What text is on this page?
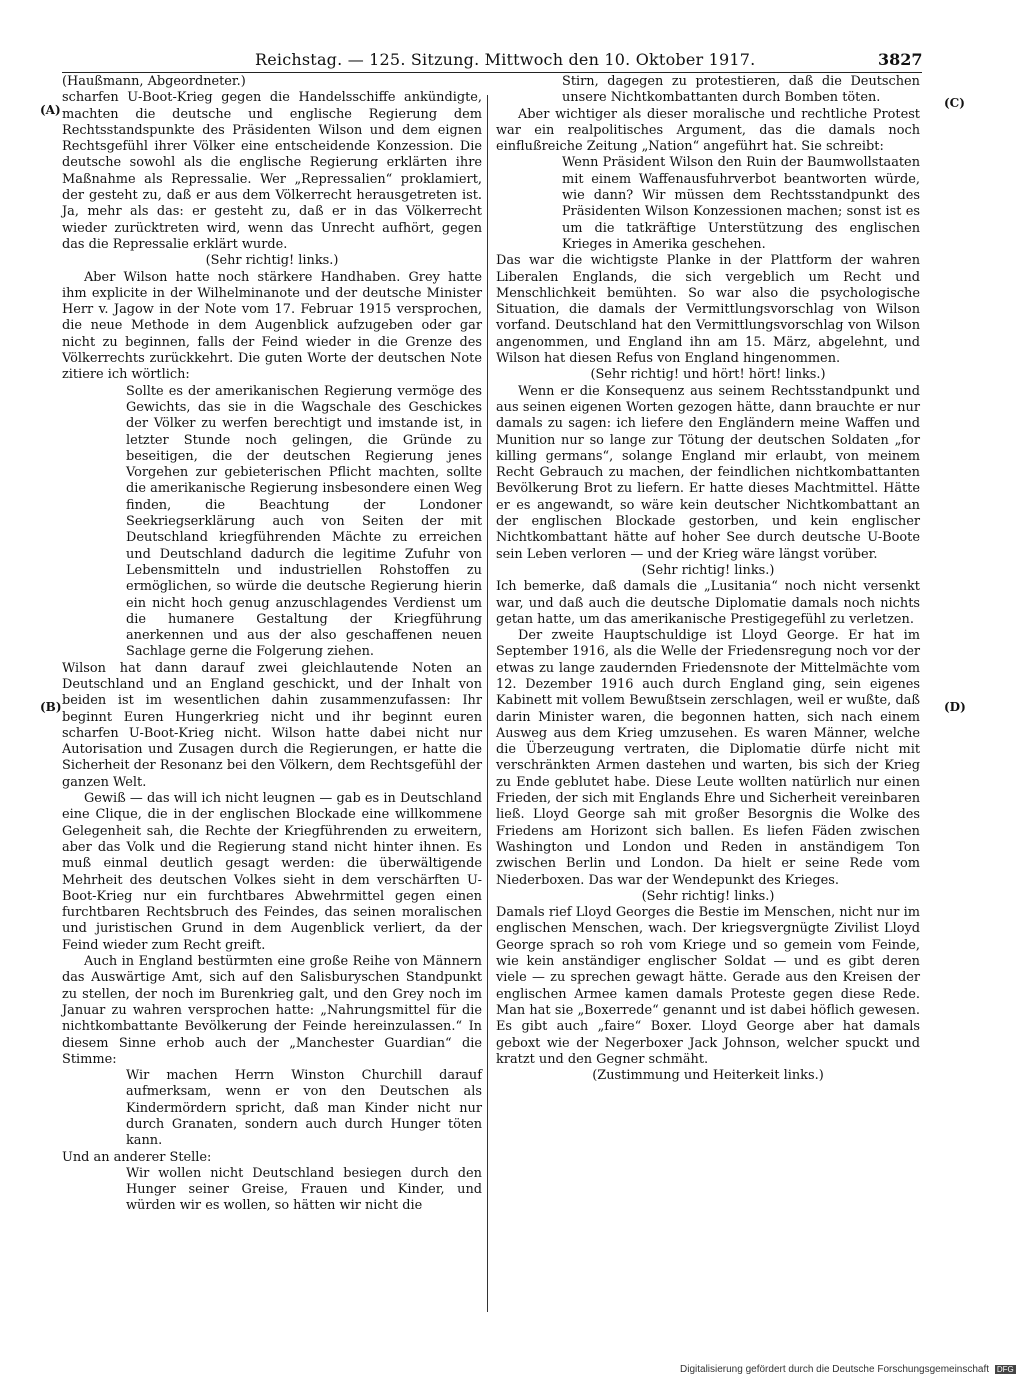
Reichstag. — 125. Sitzung. Mittwoch den 10. Oktober 1917.	3827
(A)
(B)
(C)
(D)

(Haußmann, Abgeordneter.)

scharfen U-Boot-Krieg gegen die Handelsschiffe ankündigte, machten die deutsche und englische Regierung dem Rechtsstandspunkte des Präsidenten Wilson und dem eignen Rechtsgefühl ihrer Völker eine entscheidende Konzession. Die deutsche sowohl als die englische Regierung erklärten ihre Maßnahme als Repressalie. Wer „Repressalien“ proklamiert, der gesteht zu, daß er aus dem Völkerrecht herausgetreten ist. Ja, mehr als das: er gesteht zu, daß er in das Völkerrecht wieder zurücktreten wird, wenn das Unrecht aufhört, gegen das die Repressalie erklärt wurde.

(Sehr richtig! links.)

Aber Wilson hatte noch stärkere Handhaben. Grey hatte ihm explicite in der Wilhelminanote und der deutsche Minister Herr v. Jagow in der Note vom 17. Februar 1915 versprochen, die neue Methode in dem Augenblick aufzugeben oder gar nicht zu beginnen, falls der Feind wieder in die Grenze des Völkerrechts zurückkehrt. Die guten Worte der deutschen Note zitiere ich wörtlich:

Sollte es der amerikanischen Regierung vermöge des Gewichts, das sie in die Wagschale des Geschickes der Völker zu werfen berechtigt und imstande ist, in letzter Stunde noch gelingen, die Gründe zu beseitigen, die der deutschen Regierung jenes Vorgehen zur gebieterischen Pflicht machten, sollte die amerikanische Regierung insbesondere einen Weg finden, die Beachtung der Londoner Seekriegserklärung auch von Seiten der mit Deutschland kriegführenden Mächte zu erreichen und Deutschland dadurch die legitime Zufuhr von Lebensmitteln und industriellen Rohstoffen zu ermöglichen, so würde die deutsche Regierung hierin ein nicht hoch genug anzuschlagendes Verdienst um die humanere Gestaltung der Kriegführung anerkennen und aus der also geschaffenen neuen Sachlage gerne die Folgerung ziehen.

Wilson hat dann darauf zwei gleichlautende Noten an Deutschland und an England geschickt, und der Inhalt von beiden ist im wesentlichen dahin zusammenzufassen: Ihr beginnt Euren Hungerkrieg nicht und ihr beginnt euren scharfen U-Boot-Krieg nicht. Wilson hatte dabei nicht nur Autorisation und Zusagen durch die Regierungen, er hatte die Sicherheit der Resonanz bei den Völkern, dem Rechtsgefühl der ganzen Welt.

Gewiß — das will ich nicht leugnen — gab es in Deutschland eine Clique, die in der englischen Blockade eine willkommene Gelegenheit sah, die Rechte der Kriegführenden zu erweitern, aber das Volk und die Regierung stand nicht hinter ihnen. Es muß einmal deutlich gesagt werden: die überwältigende Mehrheit des deutschen Volkes sieht in dem verschärften U-Boot-Krieg nur ein furchtbares Abwehrmittel gegen einen furchtbaren Rechtsbruch des Feindes, das seinen moralischen und juristischen Grund in dem Augenblick verliert, da der Feind wieder zum Recht greift.

Auch in England bestürmten eine große Reihe von Männern das Auswärtige Amt, sich auf den Salisburyschen Standpunkt zu stellen, der noch im Burenkrieg galt, und den Grey noch im Januar zu wahren versprochen hatte: „Nahrungsmittel für die nichtkombattante Bevölkerung der Feinde hereinzulassen.“ In diesem Sinne erhob auch der „Manchester Guardian“ die Stimme:

Wir machen Herrn Winston Churchill darauf aufmerksam, wenn er von den Deutschen als Kindermördern spricht, daß man Kinder nicht nur durch Granaten, sondern auch durch Hunger töten kann.

Und an anderer Stelle:

Wir wollen nicht Deutschland besiegen durch den Hunger seiner Greise, Frauen und Kinder, und würden wir es wollen, so hätten wir nicht die

Stirn, dagegen zu protestieren, daß die Deutschen unsere Nichtkombattanten durch Bomben töten.

Aber wichtiger als dieser moralische und rechtliche Protest war ein realpolitisches Argument, das die damals noch einflußreiche Zeitung „Nation“ angeführt hat. Sie schreibt:

Wenn Präsident Wilson den Ruin der Baumwollstaaten mit einem Waffenausfuhrverbot beantworten würde, wie dann? Wir müssen dem Rechtsstandpunkt des Präsidenten Wilson Konzessionen machen; sonst ist es um die tatkräftige Unterstützung des englischen Krieges in Amerika geschehen.

Das war die wichtigste Planke in der Plattform der wahren Liberalen Englands, die sich vergeblich um Recht und Menschlichkeit bemühten. So war also die psychologische Situation, die damals der Vermittlungsvorschlag von Wilson vorfand. Deutschland hat den Vermittlungsvorschlag von Wilson angenommen, und England ihn am 15. März, abgelehnt, und Wilson hat diesen Refus von England hingenommen.

(Sehr richtig! und hört! hört! links.)

Wenn er die Konsequenz aus seinem Rechtsstandpunkt und aus seinen eigenen Worten gezogen hätte, dann brauchte er nur damals zu sagen: ich liefere den Engländern meine Waffen und Munition nur so lange zur Tötung der deutschen Soldaten „for killing germans“, solange England mir erlaubt, von meinem Recht Gebrauch zu machen, der feindlichen nichtkombattanten Bevölkerung Brot zu liefern. Er hatte dieses Machtmittel. Hätte er es angewandt, so wäre kein deutscher Nichtkombattant an der englischen Blockade gestorben, und kein englischer Nichtkombattant hätte auf hoher See durch deutsche U-Boote sein Leben verloren — und der Krieg wäre längst vorüber.

(Sehr richtig! links.)

Ich bemerke, daß damals die „Lusitania“ noch nicht versenkt war, und daß auch die deutsche Diplomatie damals noch nichts getan hatte, um das amerikanische Prestigegefühl zu verletzen.

Der zweite Hauptschuldige ist Lloyd George. Er hat im September 1916, als die Welle der Friedensregung noch vor der etwas zu lange zaudernden Friedensnote der Mittelmächte vom 12. Dezember 1916 auch durch England ging, sein eigenes Kabinett mit vollem Bewußtsein zerschlagen, weil er wußte, daß darin Minister waren, die begonnen hatten, sich nach einem Ausweg aus dem Krieg umzusehen. Es waren Männer, welche die Überzeugung vertraten, die Diplomatie dürfe nicht mit verschränkten Armen dastehen und warten, bis sich der Krieg zu Ende geblutet habe. Diese Leute wollten natürlich nur einen Frieden, der sich mit Englands Ehre und Sicherheit vereinbaren ließ. Lloyd George sah mit großer Besorgnis die Wolke des Friedens am Horizont sich ballen. Es liefen Fäden zwischen Washington und London und Reden in anständigem Ton zwischen Berlin und London. Da hielt er seine Rede vom Niederboxen. Das war der Wendepunkt des Krieges.

(Sehr richtig! links.)

Damals rief Lloyd Georges die Bestie im Menschen, nicht nur im englischen Menschen, wach. Der kriegsvergnügte Zivilist Lloyd George sprach so roh vom Kriege und so gemein vom Feinde, wie kein anständiger englischer Soldat — und es gibt deren viele — zu sprechen gewagt hätte. Gerade aus den Kreisen der englischen Armee kamen damals Proteste gegen diese Rede. Man hat sie „Boxerrede“ genannt und ist dabei höflich gewesen. Es gibt auch „faire“ Boxer. Lloyd George aber hat damals geboxt wie der Negerboxer Jack Johnson, welcher spuckt und kratzt und den Gegner schmäht.

(Zustimmung und Heiterkeit links.)

Digitalisierung gefördert durch die Deutsche Forschungsgemeinschaft DFG
